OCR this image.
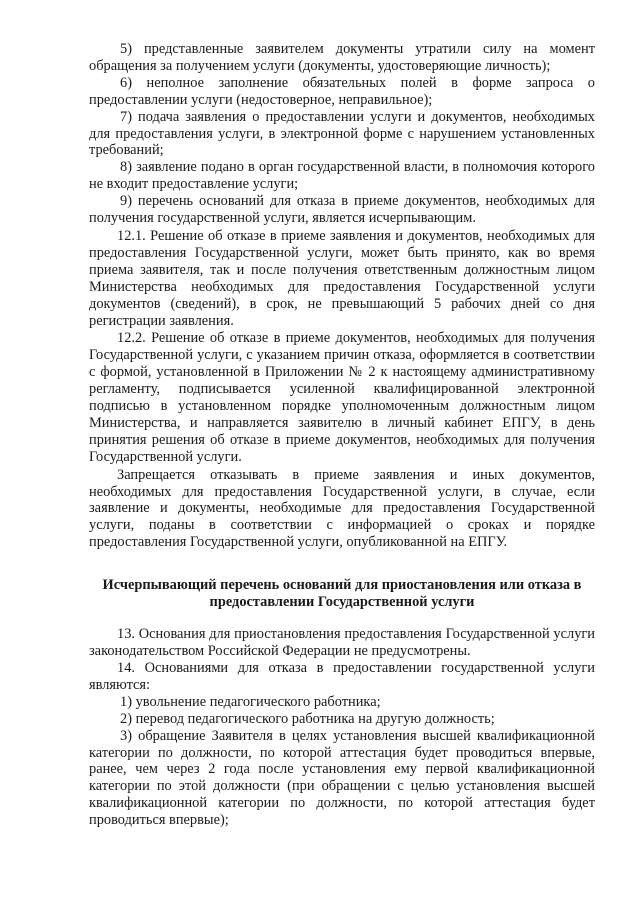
5) представленные заявителем документы утратили силу на момент обращения за получением услуги (документы, удостоверяющие личность);

6) неполное заполнение обязательных полей в форме запроса о предоставлении услуги (недостоверное, неправильное);

7) подача заявления о предоставлении услуги и документов, необходимых для предоставления услуги, в электронной форме с нарушением установленных требований;

8) заявление подано в орган государственной власти, в полномочия которого не входит предоставление услуги;

9) перечень оснований для отказа в приеме документов, необходимых для получения государственной услуги, является исчерпывающим.

12.1. Решение об отказе в приеме заявления и документов, необходимых для предоставления Государственной услуги, может быть принято, как во время приема заявителя, так и после получения ответственным должностным лицом Министерства необходимых для предоставления Государственной услуги документов (сведений), в срок, не превышающий 5 рабочих дней со дня регистрации заявления.

12.2. Решение об отказе в приеме документов, необходимых для получения Государственной услуги, с указанием причин отказа, оформляется в соответствии с формой, установленной в Приложении № 2 к настоящему административному регламенту, подписывается усиленной квалифицированной электронной подписью в установленном порядке уполномоченным должностным лицом Министерства, и направляется заявителю в личный кабинет ЕПГУ, в день принятия решения об отказе в приеме документов, необходимых для получения Государственной услуги.

Запрещается отказывать в приеме заявления и иных документов, необходимых для предоставления Государственной услуги, в случае, если заявление и документы, необходимые для предоставления Государственной услуги, поданы в соответствии с информацией о сроках и порядке предоставления Государственной услуги, опубликованной на ЕПГУ.

Исчерпывающий перечень оснований для приостановления или отказа в предоставлении Государственной услуги

13. Основания для приостановления предоставления Государственной услуги законодательством Российской Федерации не предусмотрены.

14. Основаниями для отказа в предоставлении государственной услуги являются:

1) увольнение педагогического работника;

2) перевод педагогического работника на другую должность;

3) обращение Заявителя в целях установления высшей квалификационной категории по должности, по которой аттестация будет проводиться впервые, ранее, чем через 2 года после установления ему первой квалификационной категории по этой должности (при обращении с целью установления высшей квалификационной категории по должности, по которой аттестация будет проводиться впервые);
